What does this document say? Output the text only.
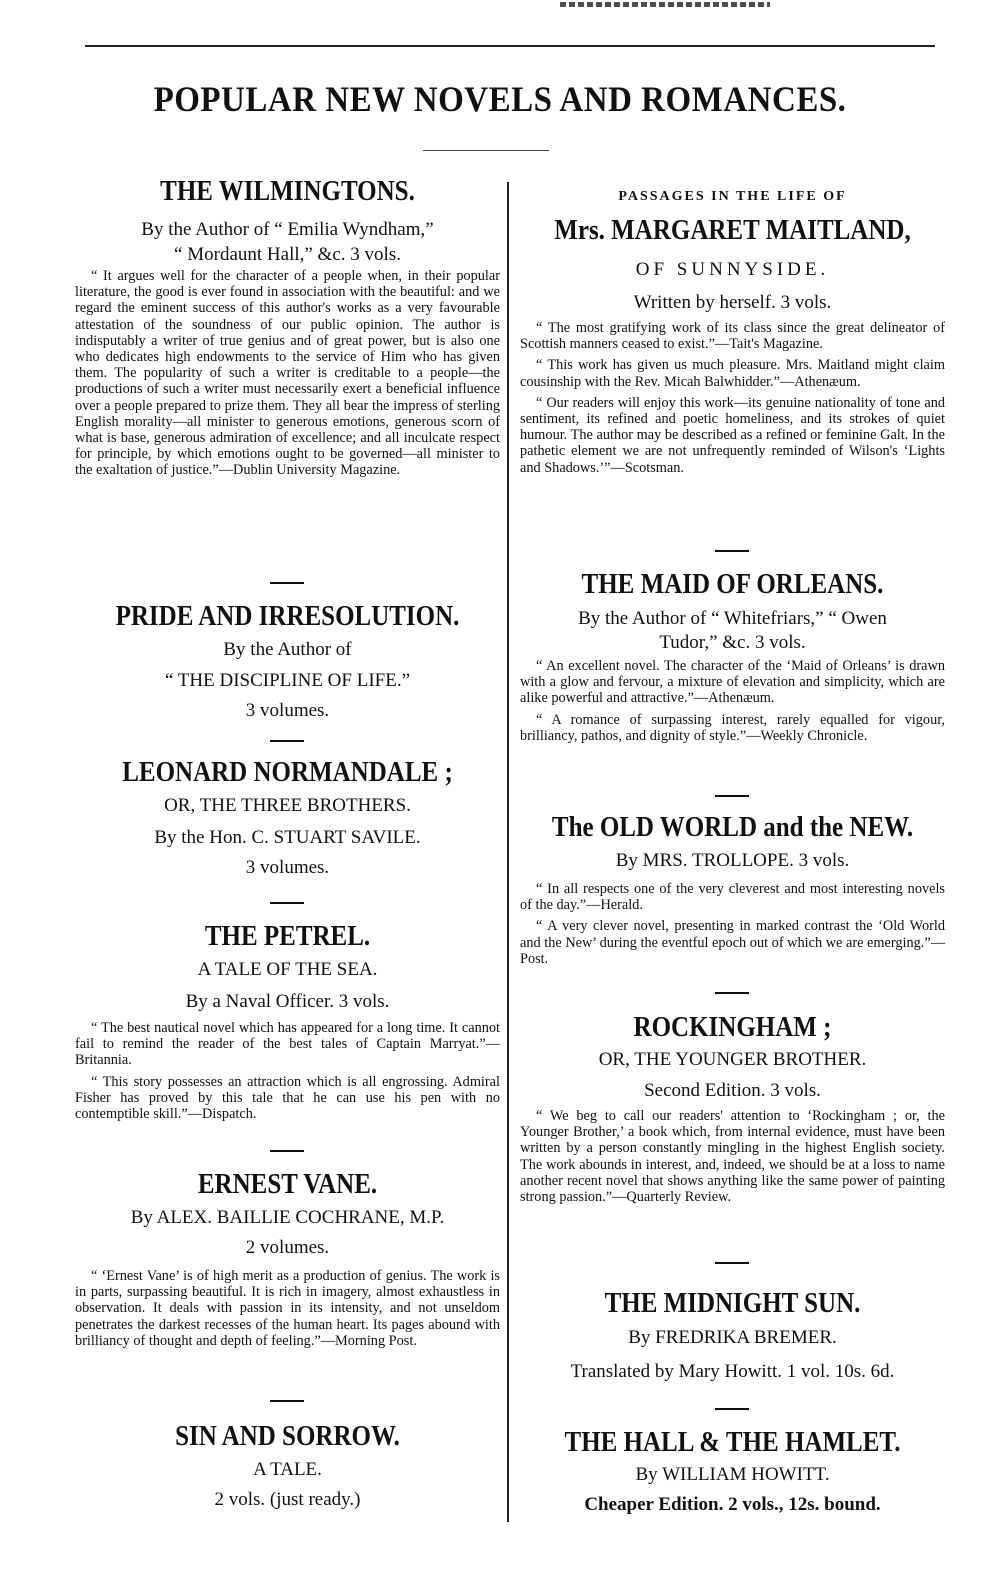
POPULAR NEW NOVELS AND ROMANCES.
THE WILMINGTONS.
By the Author of “ Emilia Wyndham,”
“ Mordaunt Hall,” &c. 3 vols.

“ It argues well for the character of a people when, in their popular literature, the good is ever found in association with the beautiful: and we regard the eminent success of this author's works as a very favourable attestation of the soundness of our public opinion. The author is indisputably a writer of true genius and of great power, but is also one who dedicates high endowments to the service of Him who has given them. The popularity of such a writer is creditable to a people—the productions of such a writer must necessarily exert a beneficial influence over a people prepared to prize them. They all bear the impress of sterling English morality—all minister to generous emotions, generous scorn of what is base, generous admiration of excellence; and all inculcate respect for principle, by which emotions ought to be governed—all minister to the exaltation of justice.”—Dublin University Magazine.

PRIDE AND IRRESOLUTION.
By the Author of
“ THE DISCIPLINE OF LIFE.”
3 volumes.
LEONARD NORMANDALE ;
OR, THE THREE BROTHERS.
By the Hon. C. STUART SAVILE.
3 volumes.
THE PETREL.
A TALE OF THE SEA.
By a Naval Officer. 3 vols.

“ The best nautical novel which has appeared for a long time. It cannot fail to remind the reader of the best tales of Captain Marryat.”—Britannia.

“ This story possesses an attraction which is all engrossing. Admiral Fisher has proved by this tale that he can use his pen with no contemptible skill.”—Dispatch.

ERNEST VANE.
By ALEX. BAILLIE COCHRANE, M.P.
2 volumes.

“ ‘Ernest Vane’ is of high merit as a production of genius. The work is in parts, surpassing beautiful. It is rich in imagery, almost exhaustless in observation. It deals with passion in its intensity, and not unseldom penetrates the darkest recesses of the human heart. Its pages abound with brilliancy of thought and depth of feeling.”—Morning Post.

SIN AND SORROW.
A TALE.
2 vols. (just ready.)
PASSAGES IN THE LIFE OF
Mrs. MARGARET MAITLAND,
OF SUNNYSIDE.
Written by herself. 3 vols.

“ The most gratifying work of its class since the great delineator of Scottish manners ceased to exist.”—Tait's Magazine.

“ This work has given us much pleasure. Mrs. Maitland might claim cousinship with the Rev. Micah Balwhidder.”—Athenæum.

“ Our readers will enjoy this work—its genuine nationality of tone and sentiment, its refined and poetic homeliness, and its strokes of quiet humour. The author may be described as a refined or feminine Galt. In the pathetic element we are not unfrequently reminded of Wilson's ‘Lights and Shadows.’”—Scotsman.

THE MAID OF ORLEANS.
By the Author of “ Whitefriars,” “ Owen
Tudor,” &c. 3 vols.

“ An excellent novel. The character of the ‘Maid of Orleans’ is drawn with a glow and fervour, a mixture of elevation and simplicity, which are alike powerful and attractive.”—Athenæum.

“ A romance of surpassing interest, rarely equalled for vigour, brilliancy, pathos, and dignity of style.”—Weekly Chronicle.

The OLD WORLD and the NEW.
By MRS. TROLLOPE. 3 vols.

“ In all respects one of the very cleverest and most interesting novels of the day.”—Herald.

“ A very clever novel, presenting in marked contrast the ‘Old World and the New’ during the eventful epoch out of which we are emerging.”—Post.

ROCKINGHAM ;
OR, THE YOUNGER BROTHER.
Second Edition. 3 vols.

“ We beg to call our readers' attention to ‘Rockingham ; or, the Younger Brother,’ a book which, from internal evidence, must have been written by a person constantly mingling in the highest English society. The work abounds in interest, and, indeed, we should be at a loss to name another recent novel that shows anything like the same power of painting strong passion.”—Quarterly Review.

THE MIDNIGHT SUN.
By FREDRIKA BREMER.
Translated by Mary Howitt. 1 vol. 10s. 6d.
THE HALL & THE HAMLET.
By WILLIAM HOWITT.
Cheaper Edition. 2 vols., 12s. bound.
